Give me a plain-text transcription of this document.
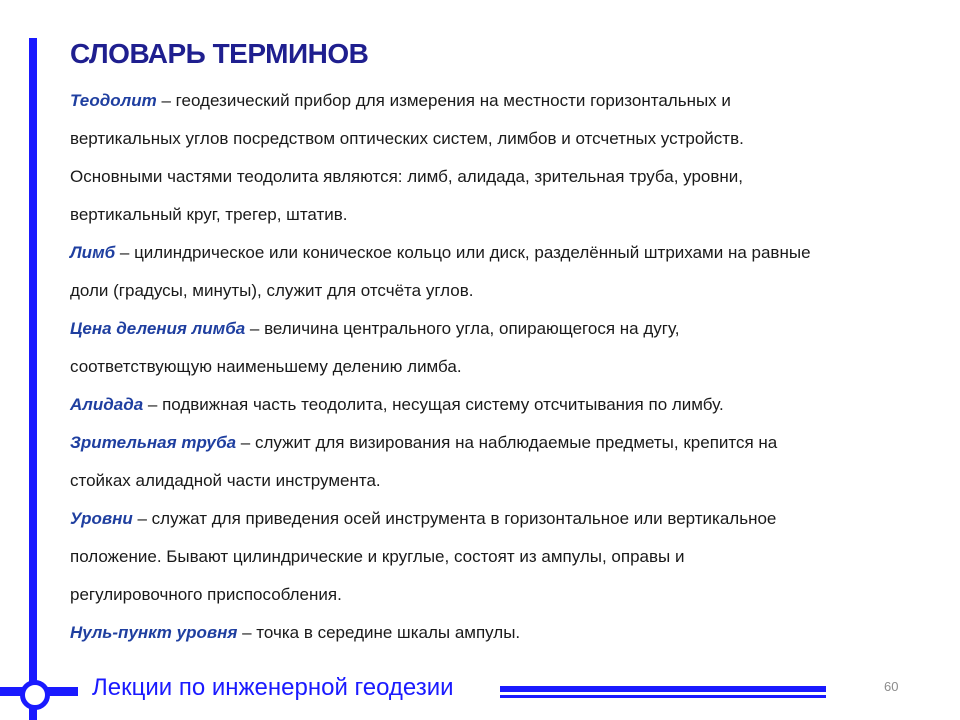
СЛОВАРЬ ТЕРМИНОВ

Теодолит – геодезический прибор для измерения на местности горизонтальных и

вертикальных углов посредством оптических систем, лимбов и отсчетных устройств.

Основными частями теодолита являются: лимб, алидада, зрительная труба, уровни,

вертикальный круг, трегер, штатив.

Лимб – цилиндрическое или коническое кольцо или диск, разделённый штрихами на равные

доли (градусы, минуты), служит для отсчёта углов.

Цена деления лимба – величина центрального угла, опирающегося на дугу,

соответствующую наименьшему делению лимба.

Алидада – подвижная часть теодолита, несущая систему отсчитывания по лимбу.

Зрительная труба – служит для визирования на наблюдаемые предметы, крепится на

стойках алидадной части инструмента.

Уровни – служат для приведения осей инструмента в горизонтальное или вертикальное

положение. Бывают цилиндрические и круглые, состоят из ампулы, оправы и

регулировочного приспособления.

Нуль-пункт уровня – точка в середине шкалы ампулы.

Лекции по инженерной геодезии	60
